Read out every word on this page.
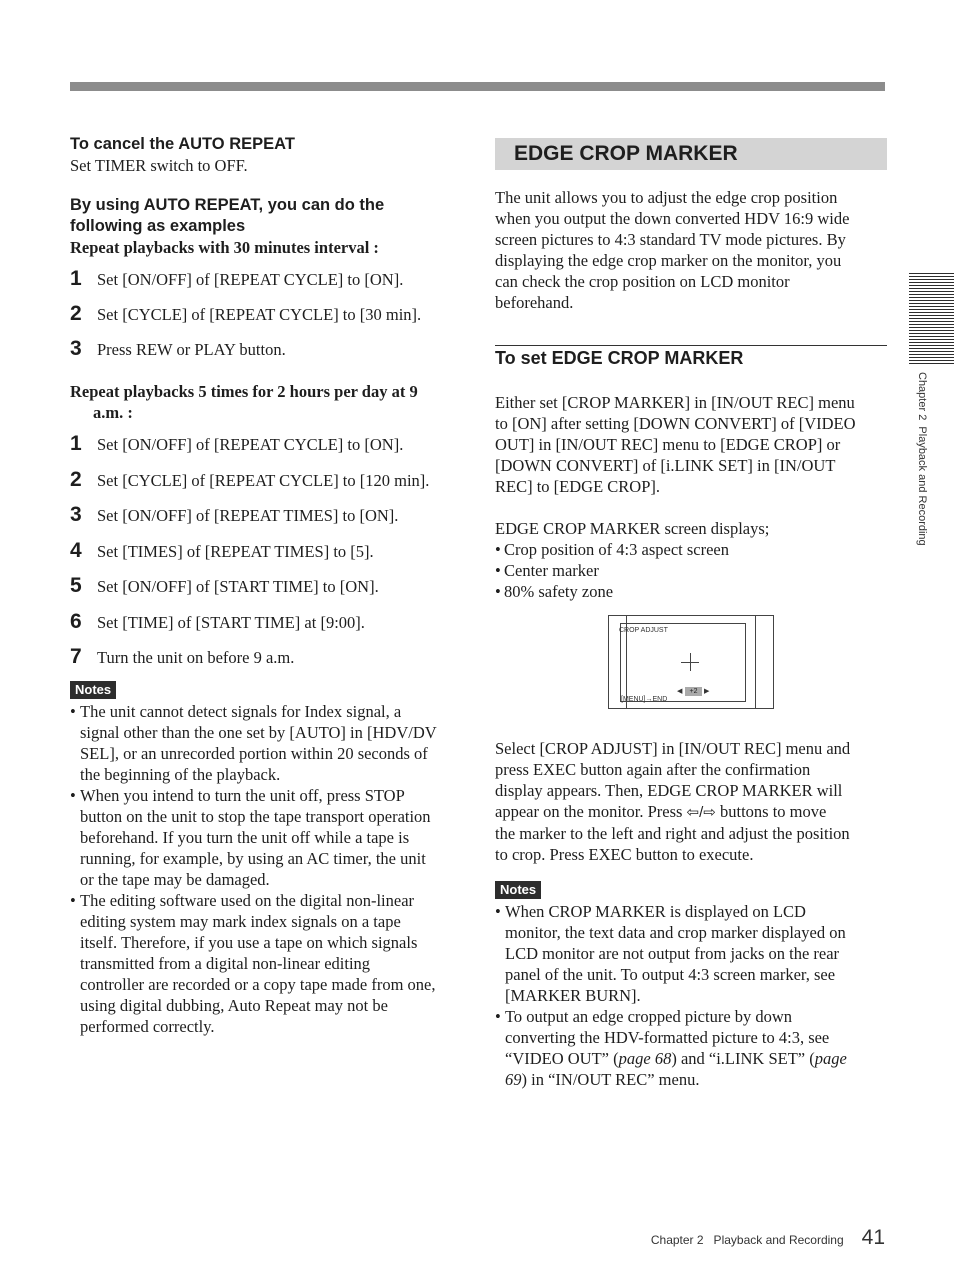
Chapter 2  Playback and Recording
To cancel the AUTO REPEAT
Set TIMER switch to OFF.
By using AUTO REPEAT, you can do the
following as examples
Repeat playbacks with 30 minutes interval :
1 Set [ON/OFF] of [REPEAT CYCLE] to [ON].
2 Set [CYCLE] of [REPEAT CYCLE] to [30 min].
3 Press REW or PLAY button.
Repeat playbacks 5 times for 2 hours per day at 9
a.m. :
1 Set [ON/OFF] of [REPEAT CYCLE] to [ON].
2 Set [CYCLE] of [REPEAT CYCLE] to [120 min].
3 Set [ON/OFF] of [REPEAT TIMES] to [ON].
4 Set [TIMES] of [REPEAT TIMES] to [5].
5 Set [ON/OFF] of [START TIME] to [ON].
6 Set [TIME] of [START TIME] at [9:00].
7 Turn the unit on before 9 a.m.
Notes
• The unit cannot detect signals for Index signal, a
signal other than the one set by [AUTO] in [HDV/DV
SEL], or an unrecorded portion within 20 seconds of
the beginning of the playback.
• When you intend to turn the unit off, press STOP
button on the unit to stop the tape transport operation
beforehand. If you turn the unit off while a tape is
running, for example, by using an AC timer, the unit
or the tape may be damaged.
• The editing software used on the digital non-linear
editing system may mark index signals on a tape
itself. Therefore, if you use a tape on which signals
transmitted from a digital non-linear editing
controller are recorded or a copy tape made from one,
using digital dubbing, Auto Repeat may not be
performed correctly.
EDGE CROP MARKER
The unit allows you to adjust the edge crop position
when you output the down converted HDV 16:9 wide
screen pictures to 4:3 standard TV mode pictures. By
displaying the edge crop marker on the monitor, you
can check the crop position on LCD monitor
beforehand.
To set EDGE CROP MARKER
Either set [CROP MARKER] in [IN/OUT REC] menu
to [ON] after setting [DOWN CONVERT] of [VIDEO
OUT] in [IN/OUT REC] menu to [EDGE CROP] or
[DOWN CONVERT] of [i.LINK SET] in [IN/OUT
REC] to [EDGE CROP].
EDGE CROP MARKER screen displays;
• Crop position of 4:3 aspect screen
• Center marker
• 80% safety zone
CROP ADJUST
◀	+2 ▶
[MENU]→END
Select [CROP ADJUST] in [IN/OUT REC] menu and
press EXEC button again after the confirmation
display appears. Then, EDGE CROP MARKER will
appear on the monitor. Press ⇦/⇨ buttons to move
the marker to the left and right and adjust the position
to crop. Press EXEC button to execute.
Notes
• When CROP MARKER is displayed on LCD
monitor, the text data and crop marker displayed on
LCD monitor are not output from jacks on the rear
panel of the unit. To output 4:3 screen marker, see
[MARKER BURN].
• To output an edge cropped picture by down
converting the HDV-formatted picture to 4:3, see
“VIDEO OUT” (page 68) and “i.LINK SET” (page
69) in “IN/OUT REC” menu.
Chapter 2   Playback and Recording 41
